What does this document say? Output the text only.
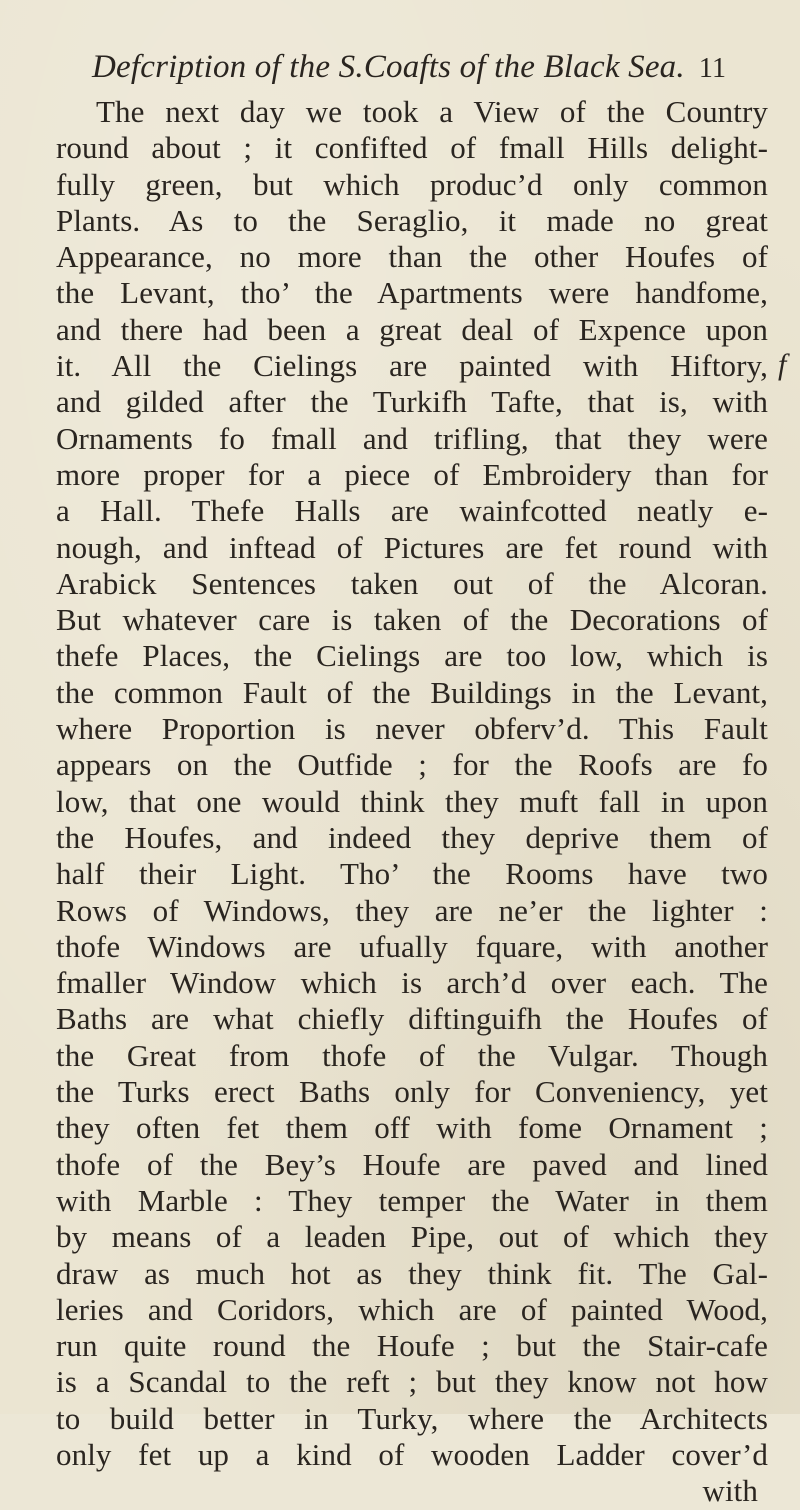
Defcription of the S.Coafts of the Black Sea. 11
The next day we took a View of the Country
round about ; it confifted of fmall Hills delight-
fully green, but which produc’d only common
Plants. As to the Seraglio, it made no great
Appearance, no more than the other Houfes of
the Levant, tho’ the Apartments were handfome,
and there had been a great deal of Expence upon
it. All the Cielings are painted with Hiftory,
and gilded after the Turkifh Tafte, that is, with
Ornaments fo fmall and trifling, that they were
more proper for a piece of Embroidery than for
a Hall. Thefe Halls are wainfcotted neatly e-
nough, and inftead of Pictures are fet round with
Arabick Sentences taken out of the Alcoran.
But whatever care is taken of the Decorations of
thefe Places, the Cielings are too low, which is
the common Fault of the Buildings in the Levant,
where Proportion is never obferv’d. This Fault
appears on the Outfide ; for the Roofs are fo
low, that one would think they muft fall in upon
the Houfes, and indeed they deprive them of
half their Light. Tho’ the Rooms have two
Rows of Windows, they are ne’er the lighter :
thofe Windows are ufually fquare, with another
fmaller Window which is arch’d over each. The
Baths are what chiefly diftinguifh the Houfes of
the Great from thofe of the Vulgar. Though
the Turks erect Baths only for Conveniency, yet
they often fet them off with fome Ornament ;
thofe of the Bey’s Houfe are paved and lined
with Marble : They temper the Water in them
by means of a leaden Pipe, out of which they
draw as much hot as they think fit. The Gal-
leries and Coridors, which are of painted Wood,
run quite round the Houfe ; but the Stair-cafe
is a Scandal to the reft ; but they know not how
to build better in Turky, where the Architects
only fet up a kind of wooden Ladder cover’d
with
f
